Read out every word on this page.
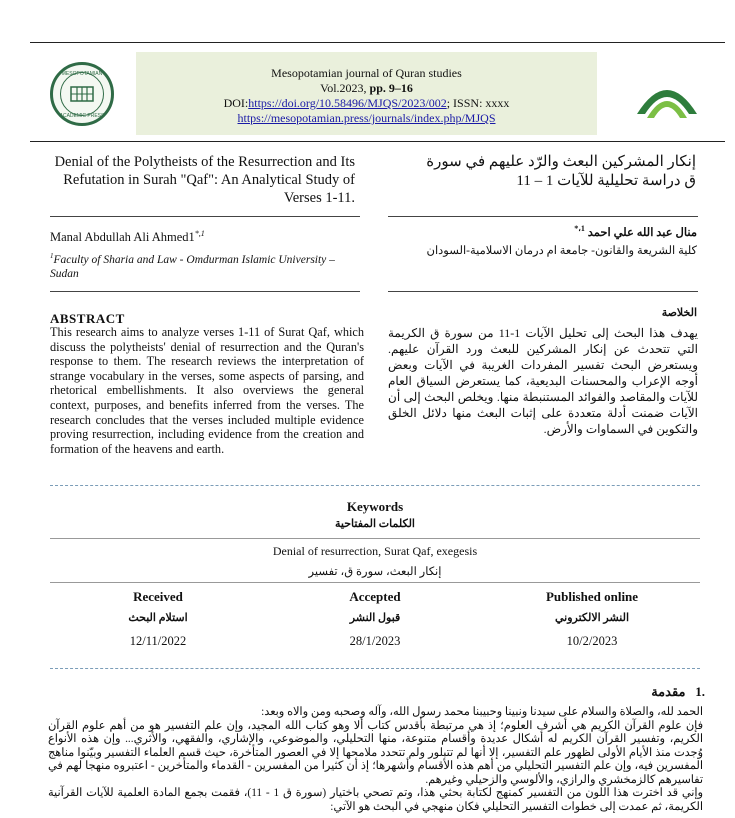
MESOPOTAMIAN
ACADEMIC PRESS
Mesopotamian journal of Quran studies
Vol.2023, pp. 9–16
DOI:https://doi.org/10.58496/MJQS/2023/002; ISSN: xxxx
https://mesopotamian.press/journals/index.php/MJQS
Denial of the Polytheists of the Resurrection and Its Refutation in Surah "Qaf": An Analytical Study of Verses 1-11.
إنكار المشركين البعث والرّد عليهم في سورة ق دراسة تحليلية للآيات 1 – 11
Manal Abdullah Ali $Ahmed1^{*,1}$
$^1$Faculty of Sharia and Law - Omdurman Islamic University – Sudan
منال عبد الله علي احمد $^{1،*}$
كلية الشريعة والقانون- جامعة ام درمان الاسلامية-السودان
ABSTRACT
This research aims to analyze verses 1-11 of Surat Qaf, which discuss the polytheists' denial of resurrection and the Quran's response to them. The research reviews the interpretation of strange vocabulary in the verses, some aspects of parsing, and rhetorical embellishments. It also overviews the general context, purposes, and benefits inferred from the verses. The research concludes that the verses included multiple evidence proving resurrection, including evidence from the creation and formation of the heavens and earth.
الخلاصة
يهدف هذا البحث إلى تحليل الآيات 1-11 من سورة ق الكريمة التي تتحدث عن إنكار المشركين للبعث ورد القرآن عليهم. ويستعرض البحث تفسير المفردات الغريبة في الآيات وبعض أوجه الإعراب والمحسنات البديعية، كما يستعرض السياق العام للآيات والمقاصد والفوائد المستنبطة منها. ويخلص البحث إلى أن الآيات ضمنت أدلة متعددة على إثبات البعث منها دلائل الخلق والتكوين في السماوات والأرض.
Keywords
الكلمات المفتاحية
Denial of resurrection, Surat Qaf, exegesis
إنكار البعث، سورة ق، تفسير
Received
استلام البحث
12/11/2022
Accepted
قبول النشر
28/1/2023
Published online
النشر الالكتروني
10/2/2023
.1   مقدمة

الحمد لله، والصلاة والسلام على سيدنا ونبينا وحبيبنا محمد رسول الله، وآله وصحبه ومن والاه وبعد:

فإن علوم القرآن الكريم هي أشرف العلوم؛ إذ هي مرتبطة بأقدس كتاب ألا وهو كتاب الله المجيد، وإن علم التفسير هو من أهم علوم القرآن الكريم، وتفسير القرآن الكريم له أشكال عديدة وأقسام متنوعة، منها التحليلي، والموضوعي، والإشاري، والفقهي، والأثري... وإن هذه الأنواع وُجدت منذ الأيام الأولى لظهور علم التفسير، إلا أنها لم تتبلور ولم تتحدد ملامحها إلا في العصور المتأخرة، حيث قسم العلماء التفسير وبيّنوا مناهج المفسرين فيه، وإن علم التفسير التحليلي من أهم هذه الأقسام وأشهرها؛ إذ أن كثيرا من المفسرين - القدماء والمتأخرين - اعتبروه منهجا لهم في تفاسيرهم كالزمخشري والرازي، والألوسي والزحيلي وغيرهم.

وإني قد اخترت هذا اللون من التفسير كمنهج لكتابة بحثي هذا، وتم تصحي باختيار (سورة ق 1 - 11)، فقمت بجمع المادة العلمية للآيات القرآنية الكريمة، ثم عمدت إلى خطوات التفسير التحليلي فكان منهجي في البحث هو الآتي:
